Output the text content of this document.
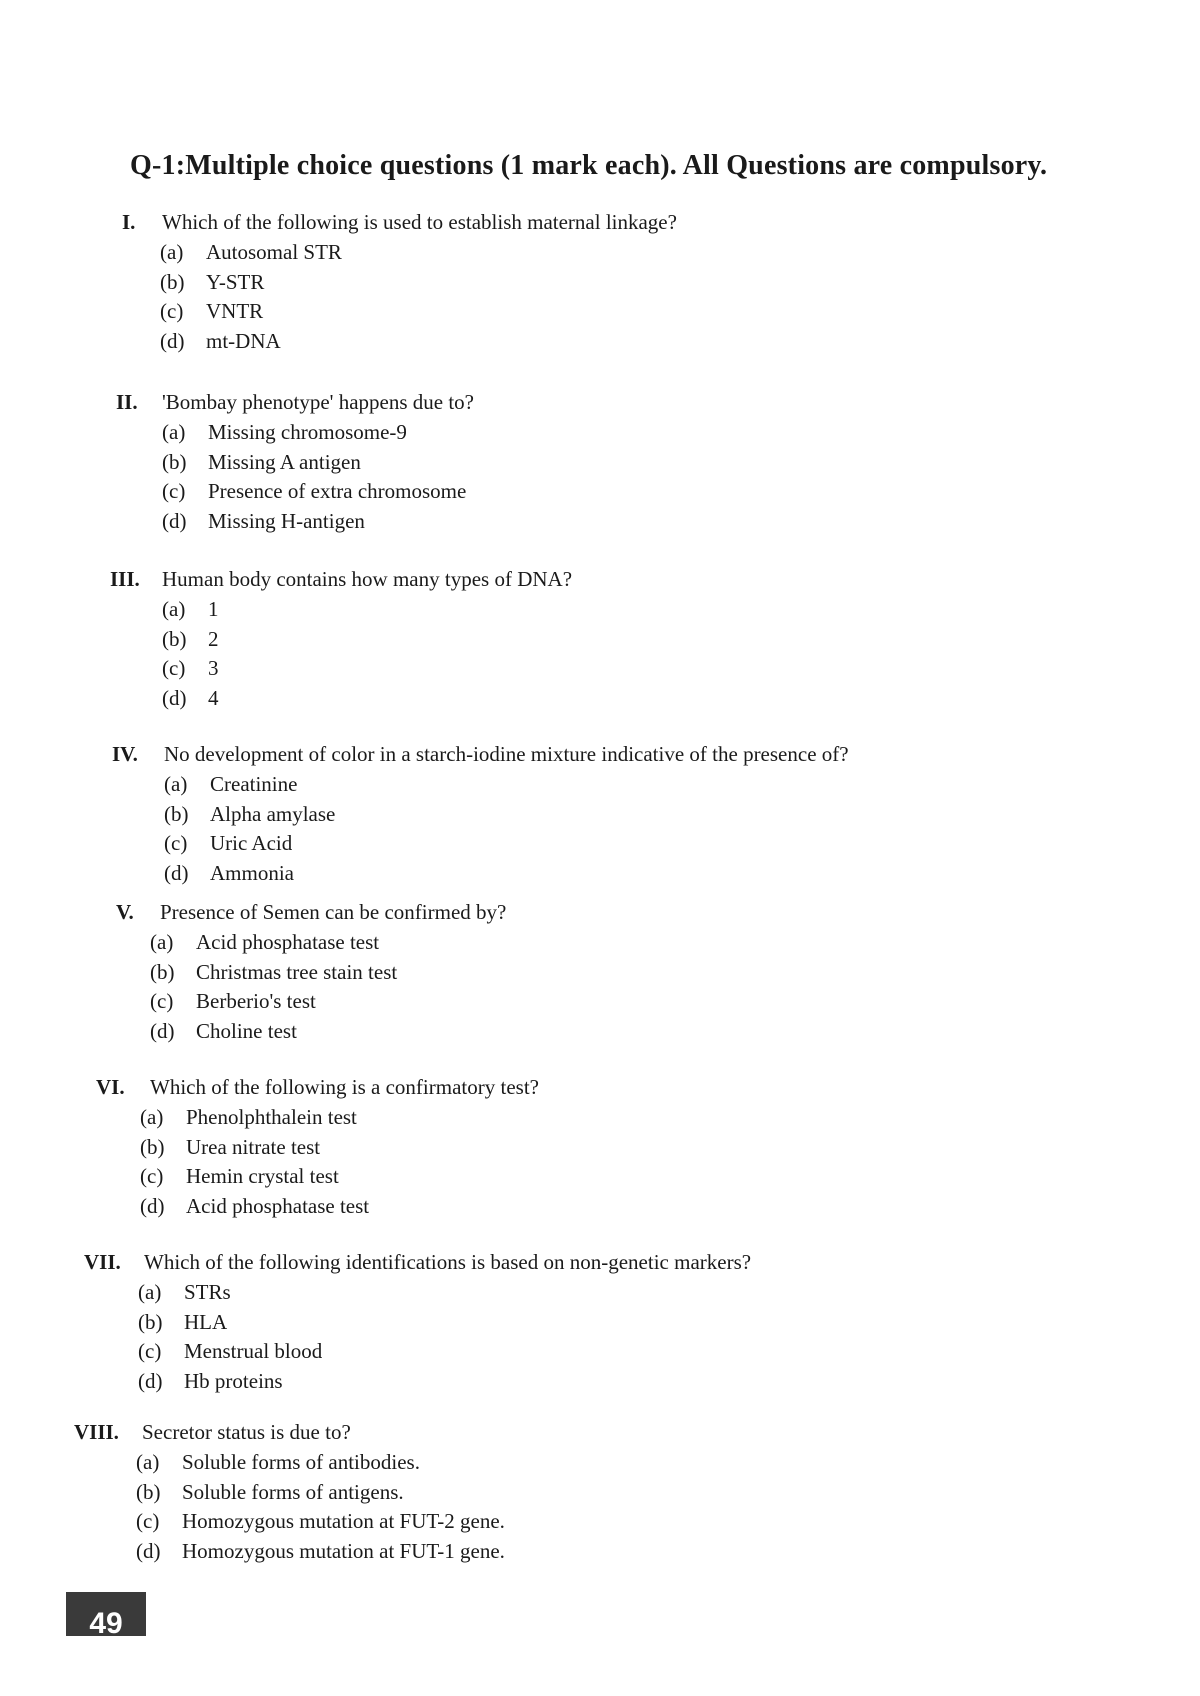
Q-1:Multiple choice questions (1 mark each). All Questions are compulsory.
I. Which of the following is used to establish maternal linkage?
(a) Autosomal STR
(b) Y-STR
(c) VNTR
(d) mt-DNA
II. 'Bombay phenotype' happens due to?
(a) Missing chromosome-9
(b) Missing A antigen
(c) Presence of extra chromosome
(d) Missing H-antigen
III. Human body contains how many types of DNA?
(a) 1
(b) 2
(c) 3
(d) 4
IV. No development of color in a starch-iodine mixture indicative of the presence of?
(a) Creatinine
(b) Alpha amylase
(c) Uric Acid
(d) Ammonia
V. Presence of Semen can be confirmed by?
(a) Acid phosphatase test
(b) Christmas tree stain test
(c) Berberio's test
(d) Choline test
VI. Which of the following is a confirmatory test?
(a) Phenolphthalein test
(b) Urea nitrate test
(c) Hemin crystal test
(d) Acid phosphatase test
VII. Which of the following identifications is based on non-genetic markers?
(a) STRs
(b) HLA
(c) Menstrual blood
(d) Hb proteins
VIII. Secretor status is due to?
(a) Soluble forms of antibodies.
(b) Soluble forms of antigens.
(c) Homozygous mutation at FUT-2 gene.
(d) Homozygous mutation at FUT-1 gene.
49
